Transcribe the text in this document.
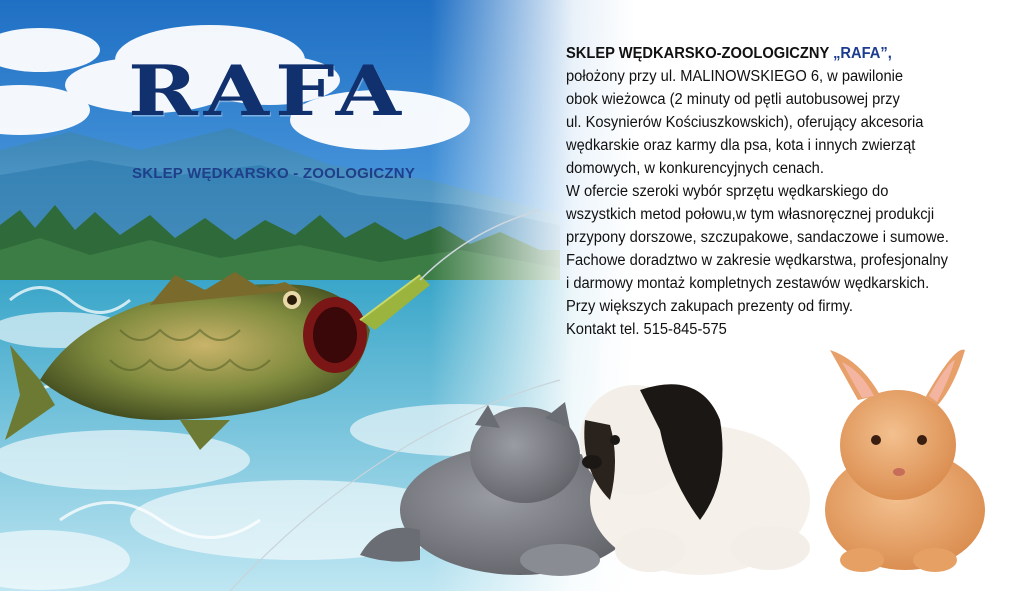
RAFA
SKLEP WĘDKARSKO - ZOOLOGICZNY
SKLEP WĘDKARSKO-ZOOLOGICZNY „RAFA”,
położony przy ul. MALINOWSKIEGO 6, w pawilonie
obok wieżowca (2 minuty od pętli autobusowej przy
ul. Kosynierów Kościuszkowskich), oferujący akcesoria
wędkarskie oraz karmy dla psa, kota i innych zwierząt
domowych, w konkurencyjnych cenach.
W ofercie szeroki wybór sprzętu wędkarskiego do
wszystkich metod połowu,w tym własnoręcznej produkcji
przypony dorszowe, szczupakowe, sandaczowe i sumowe.
Fachowe doradztwo w zakresie wędkarstwa, profesjonalny
i darmowy montaż kompletnych zestawów wędkarskich.
Przy większych zakupach prezenty od firmy.
Kontakt tel. 515-845-575
